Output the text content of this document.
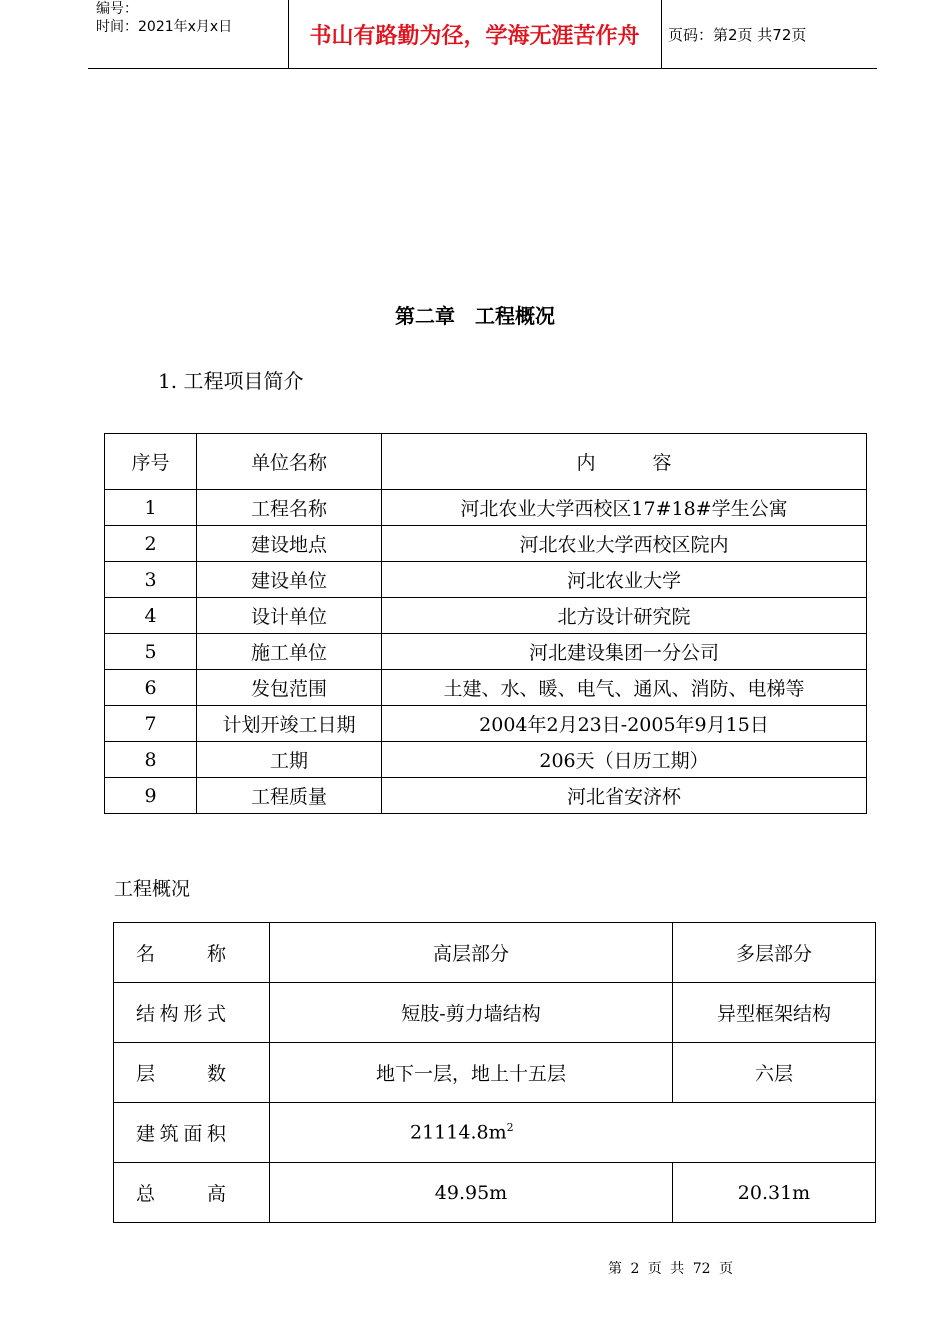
编号：
时间：2021年x月x日	书山有路勤为径，学海无涯苦作舟	页码：第2页 共72页
第二章　工程概况
1. 工程项目简介
序号	单位名称	内　　　容
1	工程名称	河北农业大学西校区17#18#学生公寓
2	建设地点	河北农业大学西校区院内
3	建设单位	河北农业大学
4	设计单位	北方设计研究院
5	施工单位	河北建设集团一分公司
6	发包范围	土建、水、暖、电气、通风、消防、电梯等
7	计划开竣工日期	2004年2月23日-2005年9月15日
8	工期	206天（日历工期）
9	工程质量	河北省安济杯
工程概况
名　称	高层部分	多层部分
结构形式	短肢-剪力墙结构	异型框架结构
层　数	地下一层，地上十五层	六层
建筑面积	$21114.8m^2$
总　高	49.95m	20.31m
第 2 页 共 72 页
